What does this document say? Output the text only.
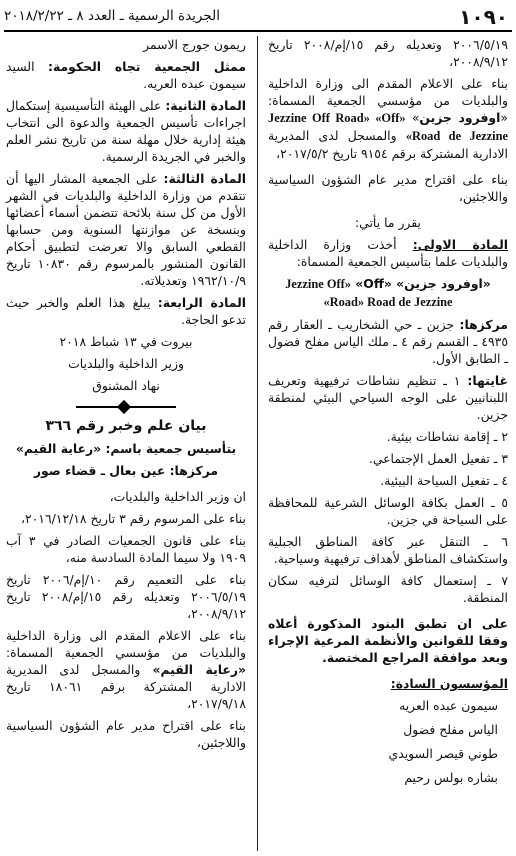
١٠٩٠
الجريدة الرسمية ـ العدد ٨ ـ ٢٠١٨/٢/٢٢

٢٠٠٦/٥/١٩ وتعديله رقم ١٥/إم/٢٠٠٨ تاريخ ٢٠٠٨/٩/١٢،

بناء على الاعلام المقدم الى وزارة الداخلية والبلديات من مؤسسي الجمعية المسماة: «اوفرود جزين» «Jezzine Off Road» «Off Road de Jezzine» والمسجل لدى المديرية الادارية المشتركة برقم ٩١٥٤ تاريخ ٢٠١٧/٥/٢،

بناء على اقتراح مدير عام الشؤون السياسية واللاجئين،

يقرر ما يأتي:

المادة الاولى: أخذت وزارة الداخلية والبلديات علما بتأسيس الجمعية المسماة:

«اوفرود جزين» «Off» «Jezzine Off Road» Road de Jezzine»

مركزها: جزين ـ حي الشخاريب ـ العقار رقم ٤٩٣٥ ـ القسم رقم ٤ ـ ملك الياس مفلح فضول ـ الطابق الأول.

غايتها: ١ ـ تنظيم نشاطات ترفيهية وتعريف اللبنانيين على الوجه السياحي البيئي لمنطقة جزين.

٢ ـ إقامة نشاطات بيئية.

٣ ـ تفعيل العمل الإجتماعي.

٤ ـ تفعيل السياحة البيئية.

٥ ـ العمل بكافة الوسائل الشرعية للمحافظة على السياحة في جزين.

٦ ـ التنقل عبر كافة المناطق الجبلية واستكشاف المناطق لأهداف ترفيهية وسياحية.

٧ ـ إستعمال كافة الوسائل لترفيه سكان المنطقة.

على ان تطبق البنود المذكورة أعلاه وفقا للقوانين والأنظمة المرعية الإجراء وبعد موافقة المراجع المختصة.

المؤسسون السادة:

سيمون عبده العريه

الياس مفلح فضول

طوني قيصر السويدي

بشاره بولس رحيم

ريمون جورج الاسمر

ممثل الجمعية تجاه الحكومة: السيد سيمون عبده العريه.

المادة الثانية: على الهيئة التأسيسية إستكمال اجراءات تأسيس الجمعية والدعوة الى انتخاب هيئة إدارية خلال مهلة سنة من تاريخ نشر العلم والخبر في الجريدة الرسمية.

المادة الثالثة: على الجمعية المشار اليها أن تتقدم من وزارة الداخلية والبلديات في الشهر الأول من كل سنة بلائحة تتضمن أسماء أعضائها وبنسخة عن موازنتها السنوية ومن حسابها القطعي السابق والا تعرضت لتطبيق أحكام القانون المنشور بالمرسوم رقم ١٠٨٣٠ تاريخ ١٩٦٢/١٠/٩ وتعديلاته.

المادة الرابعة: يبلغ هذا العلم والخبر حيث تدعو الحاجة.

بيروت في ١٣ شباط ٢٠١٨

وزير الداخلية والبلديات

نهاد المشنوق

بيان علم وخبر رقم ٣٦٦

بتأسيس جمعية باسم: «رعاية القيم»

مركزها: عين بعال ـ قضاء صور

ان وزير الداخلية والبلديات،

بناء على المرسوم رقم ٣ تاريخ ٢٠١٦/١٢/١٨،

بناء على قانون الجمعيات الصادر في ٣ آب ١٩٠٩ ولا سيما المادة السادسة منه،

بناء على التعميم رقم ١٠/إم/٢٠٠٦ تاريخ ٢٠٠٦/٥/١٩ وتعديله رقم ١٥/إم/٢٠٠٨ تاريخ ٢٠٠٨/٩/١٢،

بناء على الاعلام المقدم الى وزارة الداخلية والبلديات من مؤسسي الجمعية المسماة: «رعاية القيم» والمسجل لدى المديرية الادارية المشتركة برقم ١٨٠٦١ تاريخ ٢٠١٧/٩/١٨،

بناء على اقتراح مدير عام الشؤون السياسية واللاجئين،
